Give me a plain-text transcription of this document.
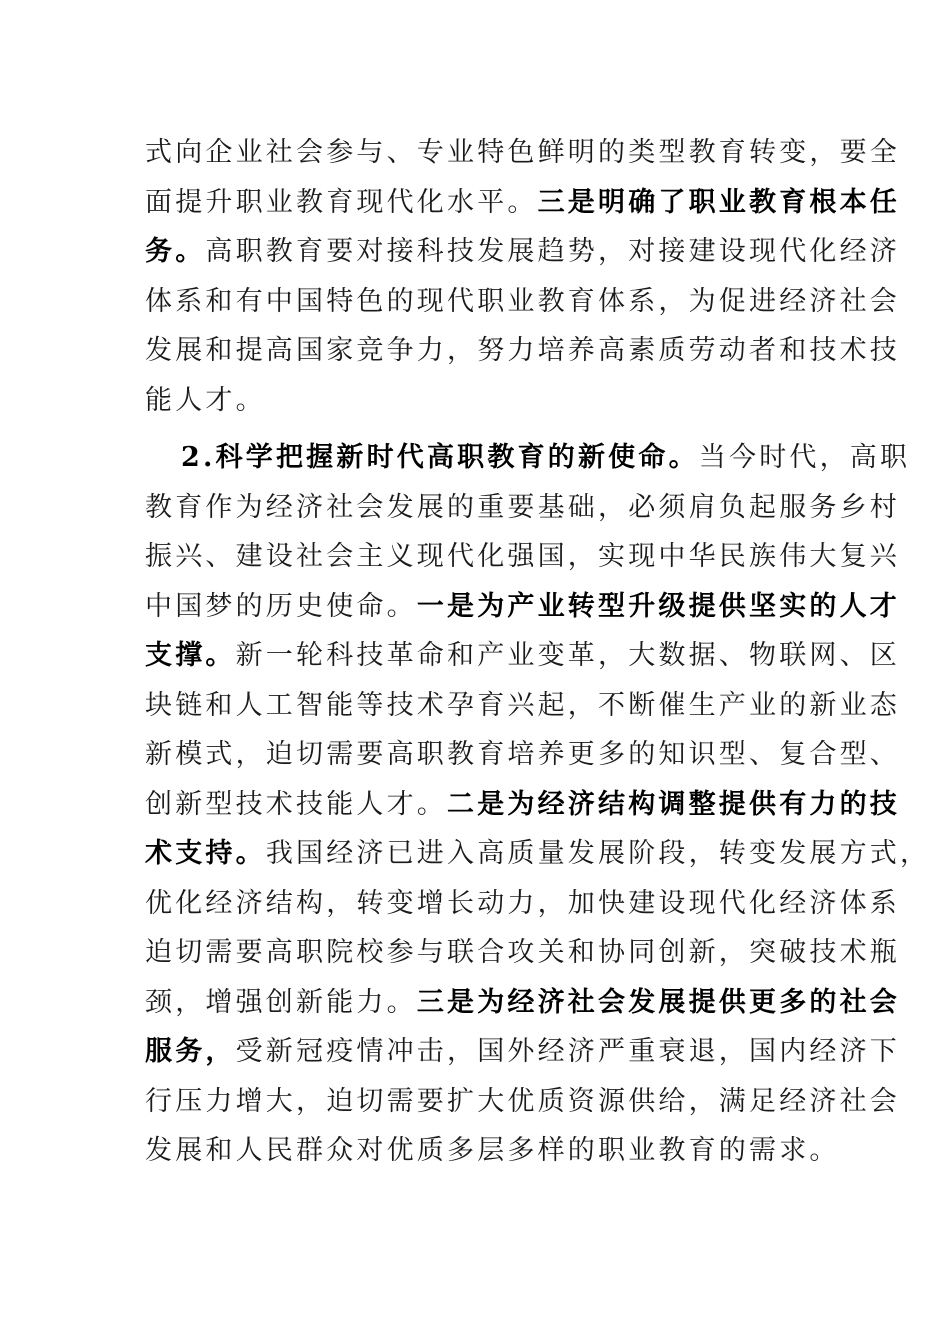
式向企业社会参与、专业特色鲜明的类型教育转变，要全
面提升职业教育现代化水平。三是明确了职业教育根本任
务。高职教育要对接科技发展趋势，对接建设现代化经济
体系和有中国特色的现代职业教育体系，为促进经济社会
发展和提高国家竞争力，努力培养高素质劳动者和技术技
能人才。

2.科学把握新时代高职教育的新使命。当今时代，高职
教育作为经济社会发展的重要基础，必须肩负起服务乡村
振兴、建设社会主义现代化强国，实现中华民族伟大复兴
中国梦的历史使命。一是为产业转型升级提供坚实的人才
支撑。新一轮科技革命和产业变革，大数据、物联网、区
块链和人工智能等技术孕育兴起，不断催生产业的新业态
新模式，迫切需要高职教育培养更多的知识型、复合型、
创新型技术技能人才。二是为经济结构调整提供有力的技
术支持。我国经济已进入高质量发展阶段，转变发展方式，
优化经济结构，转变增长动力，加快建设现代化经济体系
迫切需要高职院校参与联合攻关和协同创新，突破技术瓶
颈，增强创新能力。三是为经济社会发展提供更多的社会
服务，受新冠疫情冲击，国外经济严重衰退，国内经济下
行压力增大，迫切需要扩大优质资源供给，满足经济社会
发展和人民群众对优质多层多样的职业教育的需求。
